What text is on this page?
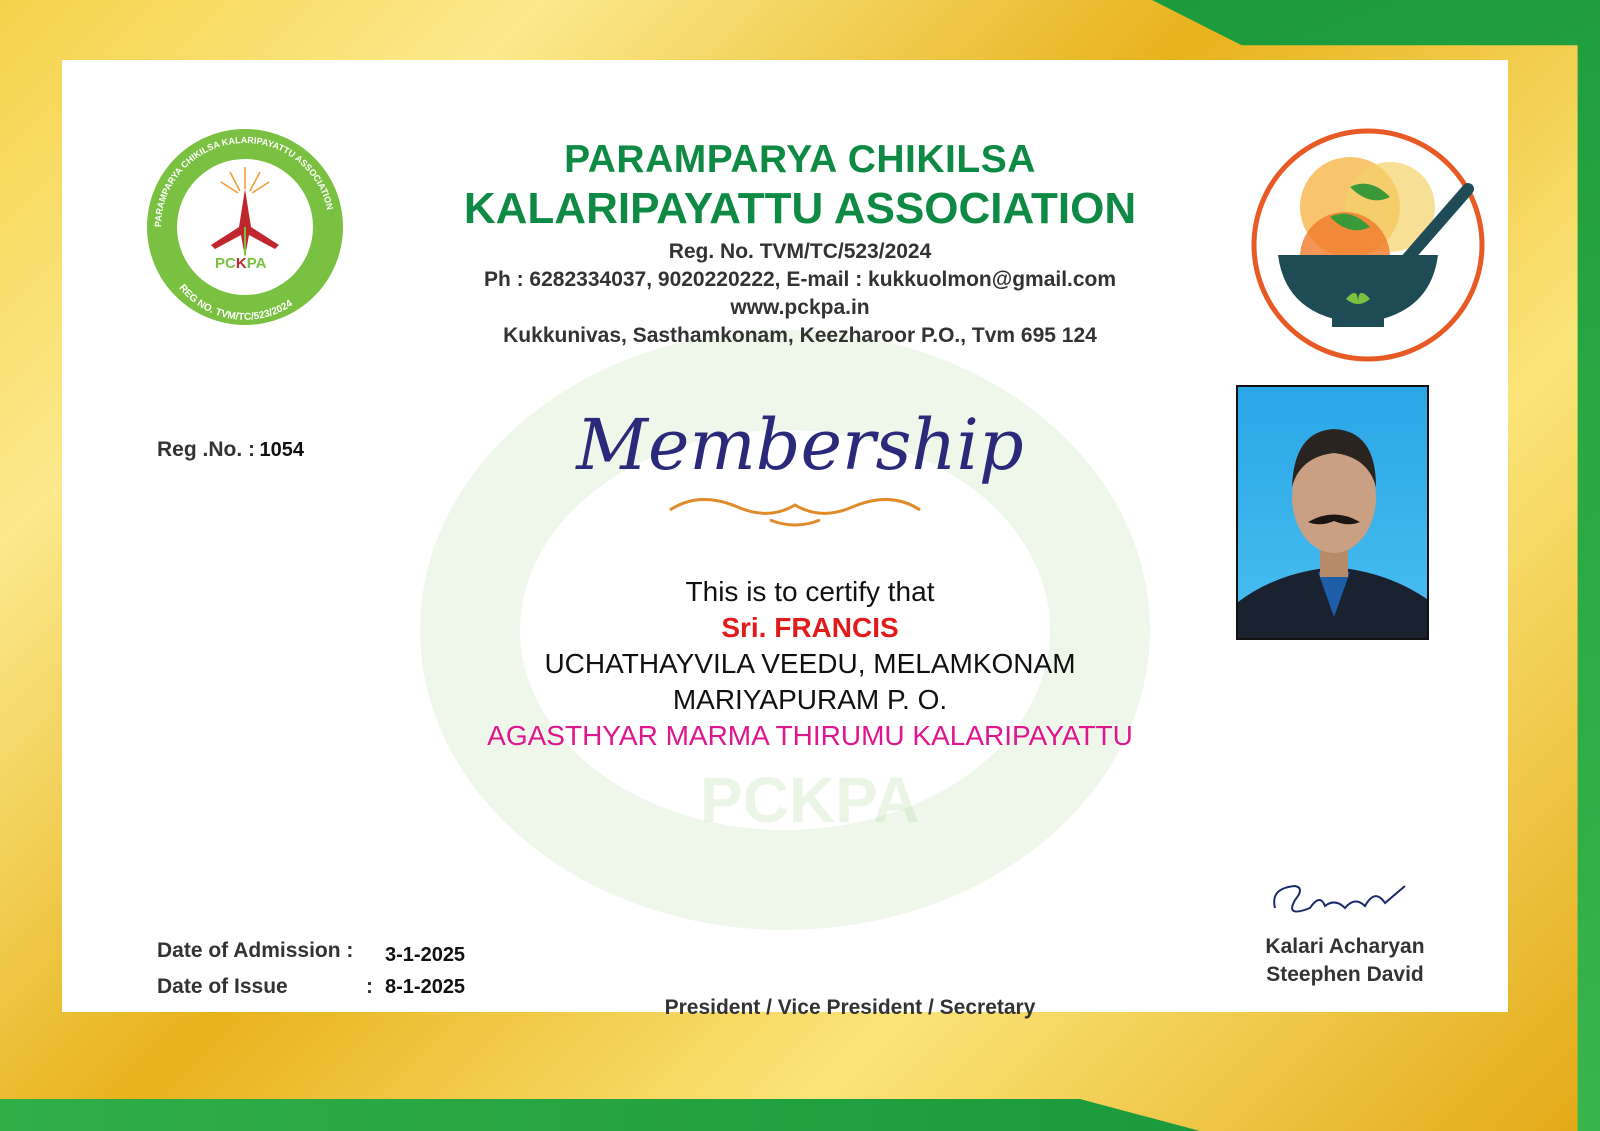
PCKPA
PARAMPARYA CHIKILSA KALARIPAYATTU ASSOCIATION
REG NO. TVM/TC/523/2024
PARAMPARYA CHIKILSA
KALARIPAYATTU ASSOCIATION
Reg. No. TVM/TC/523/2024
Ph : 6282334037, 9020220222, E-mail : kukkuolmon@gmail.com
www.pckpa.in
Kukkunivas, Sasthamkonam, Keezharoor P.O., Tvm 695 124
Reg .No. : 1054	Membership
PCKPA
This is to certify that
Sri. FRANCIS
UCHATHAYVILA VEEDU, MELAMKONAM
MARIYAPURAM P. O.
AGASTHYAR MARMA THIRUMU KALARIPAYATTU
Kalari Acharyan
Steephen David
Date of Admission : 3-1-2025
Date of Issue	: 8-1-2025
President / Vice President / Secretary
